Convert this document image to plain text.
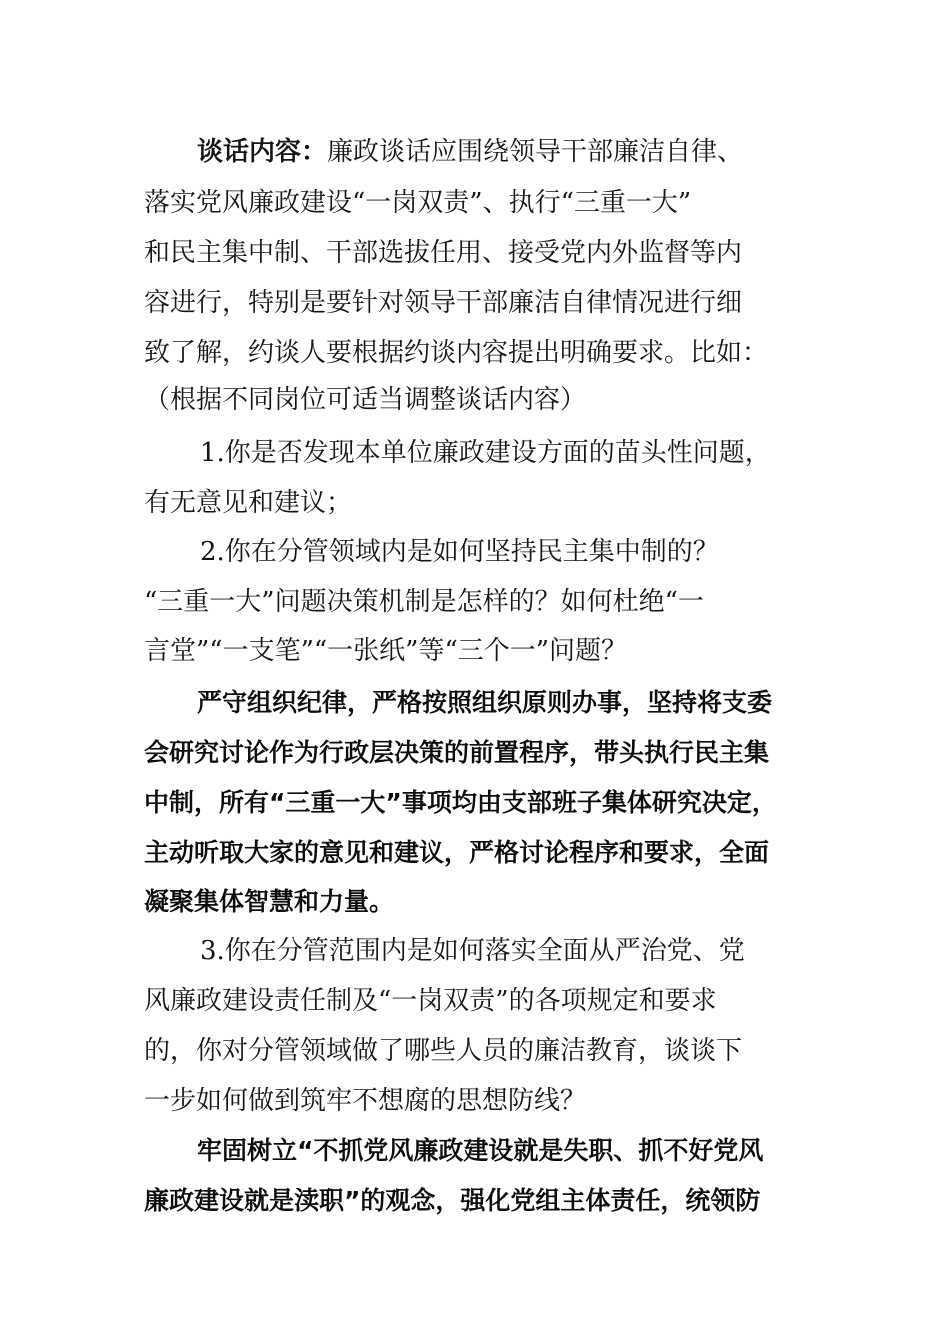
谈话内容：廉政谈话应围绕领导干部廉洁自律、
落实党风廉政建设“一岗双责”、执行“三重一大”
和民主集中制、干部选拔任用、接受党内外监督等内
容进行，特别是要针对领导干部廉洁自律情况进行细
致了解，约谈人要根据约谈内容提出明确要求。比如：
（根据不同岗位可适当调整谈话内容）
1.你是否发现本单位廉政建设方面的苗头性问题，
有无意见和建议；
2.你在分管领域内是如何坚持民主集中制的？
“三重一大”问题决策机制是怎样的？如何杜绝“一
言堂”“一支笔”“一张纸”等“三个一”问题？
严守组织纪律，严格按照组织原则办事，坚持将支委
会研究讨论作为行政层决策的前置程序，带头执行民主集
中制，所有“三重一大”事项均由支部班子集体研究决定，
主动听取大家的意见和建议，严格讨论程序和要求，全面
凝聚集体智慧和力量。
3.你在分管范围内是如何落实全面从严治党、党
风廉政建设责任制及“一岗双责”的各项规定和要求
的，你对分管领域做了哪些人员的廉洁教育，谈谈下
一步如何做到筑牢不想腐的思想防线？
牢固树立“不抓党风廉政建设就是失职、抓不好党风
廉政建设就是渎职”的观念，强化党组主体责任，统领防
